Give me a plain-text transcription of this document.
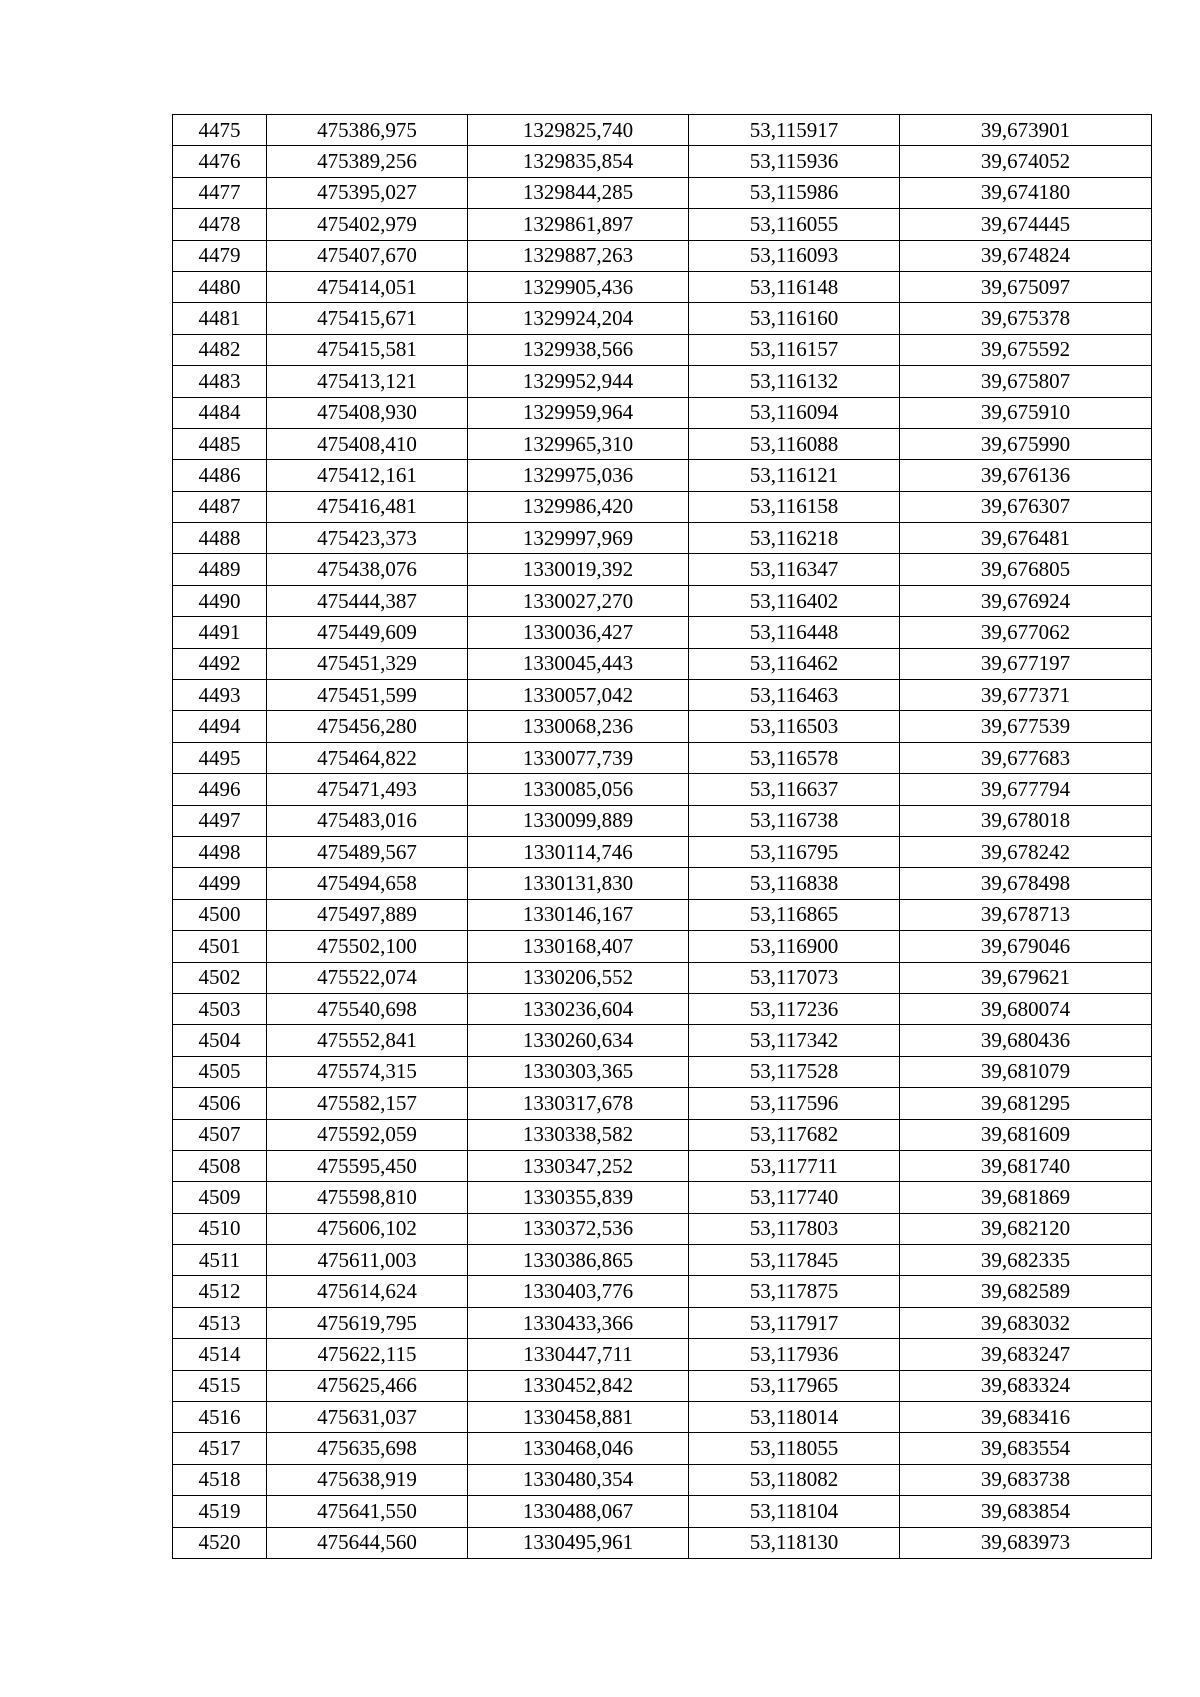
4475	475386,975	1329825,740	53,115917	39,673901
4476	475389,256	1329835,854	53,115936	39,674052
4477	475395,027	1329844,285	53,115986	39,674180
4478	475402,979	1329861,897	53,116055	39,674445
4479	475407,670	1329887,263	53,116093	39,674824
4480	475414,051	1329905,436	53,116148	39,675097
4481	475415,671	1329924,204	53,116160	39,675378
4482	475415,581	1329938,566	53,116157	39,675592
4483	475413,121	1329952,944	53,116132	39,675807
4484	475408,930	1329959,964	53,116094	39,675910
4485	475408,410	1329965,310	53,116088	39,675990
4486	475412,161	1329975,036	53,116121	39,676136
4487	475416,481	1329986,420	53,116158	39,676307
4488	475423,373	1329997,969	53,116218	39,676481
4489	475438,076	1330019,392	53,116347	39,676805
4490	475444,387	1330027,270	53,116402	39,676924
4491	475449,609	1330036,427	53,116448	39,677062
4492	475451,329	1330045,443	53,116462	39,677197
4493	475451,599	1330057,042	53,116463	39,677371
4494	475456,280	1330068,236	53,116503	39,677539
4495	475464,822	1330077,739	53,116578	39,677683
4496	475471,493	1330085,056	53,116637	39,677794
4497	475483,016	1330099,889	53,116738	39,678018
4498	475489,567	1330114,746	53,116795	39,678242
4499	475494,658	1330131,830	53,116838	39,678498
4500	475497,889	1330146,167	53,116865	39,678713
4501	475502,100	1330168,407	53,116900	39,679046
4502	475522,074	1330206,552	53,117073	39,679621
4503	475540,698	1330236,604	53,117236	39,680074
4504	475552,841	1330260,634	53,117342	39,680436
4505	475574,315	1330303,365	53,117528	39,681079
4506	475582,157	1330317,678	53,117596	39,681295
4507	475592,059	1330338,582	53,117682	39,681609
4508	475595,450	1330347,252	53,117711	39,681740
4509	475598,810	1330355,839	53,117740	39,681869
4510	475606,102	1330372,536	53,117803	39,682120
4511	475611,003	1330386,865	53,117845	39,682335
4512	475614,624	1330403,776	53,117875	39,682589
4513	475619,795	1330433,366	53,117917	39,683032
4514	475622,115	1330447,711	53,117936	39,683247
4515	475625,466	1330452,842	53,117965	39,683324
4516	475631,037	1330458,881	53,118014	39,683416
4517	475635,698	1330468,046	53,118055	39,683554
4518	475638,919	1330480,354	53,118082	39,683738
4519	475641,550	1330488,067	53,118104	39,683854
4520	475644,560	1330495,961	53,118130	39,683973
